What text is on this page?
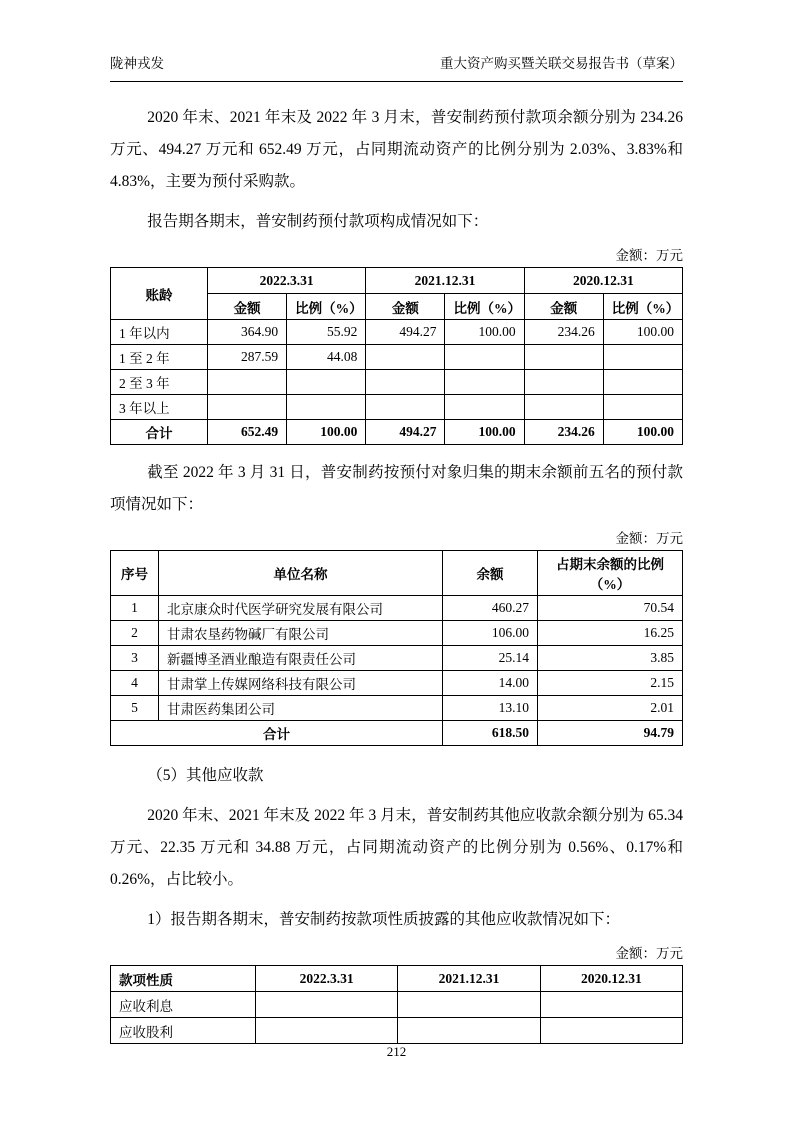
陇神戎发	重大资产购买暨关联交易报告书（草案）

2020 年末、2021 年末及 2022 年 3 月末，普安制药预付款项余额分别为 234.26 万元、494.27 万元和 652.49 万元，占同期流动资产的比例分别为 2.03%、3.83%和 4.83%，主要为预付采购款。

报告期各期末，普安制药预付款项构成情况如下：

金额：万元
账龄	2022.3.31		2021.12.31		2020.12.31	
	金额	比例（%）	金额	比例（%）	金额	比例（%）
1 年以内	364.90	55.92	494.27	100.00	234.26	100.00
1 至 2 年	287.59	44.08				
2 至 3 年						
3 年以上						
合计	652.49	100.00	494.27	100.00	234.26	100.00

截至 2022 年 3 月 31 日，普安制药按预付对象归集的期末余额前五名的预付款项情况如下：

金额：万元
序号	单位名称	余额	占期末余额的比例（%）
1	北京康众时代医学研究发展有限公司	460.27	70.54
2	甘肃农垦药物碱厂有限公司	106.00	16.25
3	新疆博圣酒业酿造有限责任公司	25.14	3.85
4	甘肃掌上传媒网络科技有限公司	14.00	2.15
5	甘肃医药集团公司	13.10	2.01
合计		618.50	94.79

（5）其他应收款

2020 年末、2021 年末及 2022 年 3 月末，普安制药其他应收款余额分别为 65.34 万元、22.35 万元和 34.88 万元，占同期流动资产的比例分别为 0.56%、0.17%和 0.26%，占比较小。

1）报告期各期末，普安制药按款项性质披露的其他应收款情况如下：

金额：万元
款项性质	2022.3.31	2021.12.31	2020.12.31
应收利息			
应收股利			
212
